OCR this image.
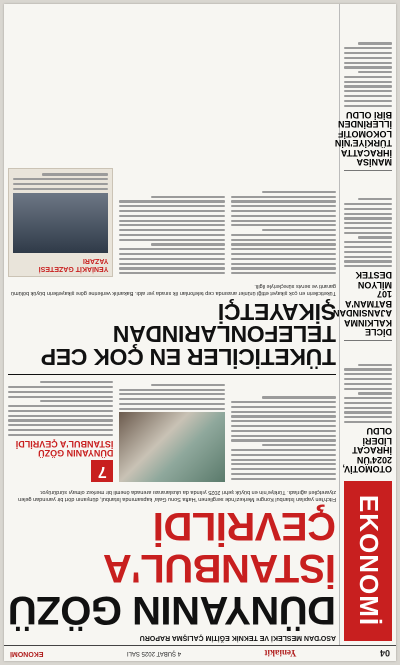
04
Yeniakit
4 ŞUBAT 2025 SALI
EKONOMİ
EKONOMİ
OTOMOTİV, 2024'ÜN İHRACAT LİDERİ OLDU
DİCLE KALKINMA AJANSINDAN BATMAN'A 107 MİLYON DESTEK
MANİSA İHRACATTA TÜRKİYE'NİN LOKOMOTİF İLLERİNDEN BİRİ OLDU
ASO'DAN MESLEKİ VE TEKNİK EĞİTİM ÇALIŞMA RAPORU
DÜNYANIN GÖZÜ
İSTANBUL'A
ÇEVRİLDİ
Fitch'ten yapılan İstanbul Kongre Merkezi'nde sergilenen 'Hafta Sonu Gala' kapsamında İstanbul, dünyanın dört bir yanından gelen ziyaretçileri ağırladı. Türkiye'nin en büyük şehri 2025 yılında da uluslararası arenada önemli bir merkez olmayı sürdürüyor.
7
DÜNYANIN GÖZÜ İSTANBUL'A ÇEVRİLDİ
TÜKETİCİLER EN ÇOK CEP
TELEFONLARINDAN ŞİKAYETÇİ
Tüketicilerin en çok şikayet ettiği ürünler arasında cep telefonları ilk sırada yer aldı. Bakanlık verilerine göre şikayetlerin büyük bölümü garanti ve servis süreçleriyle ilgili.
YENİAKİT GAZETESİ YAZARI
